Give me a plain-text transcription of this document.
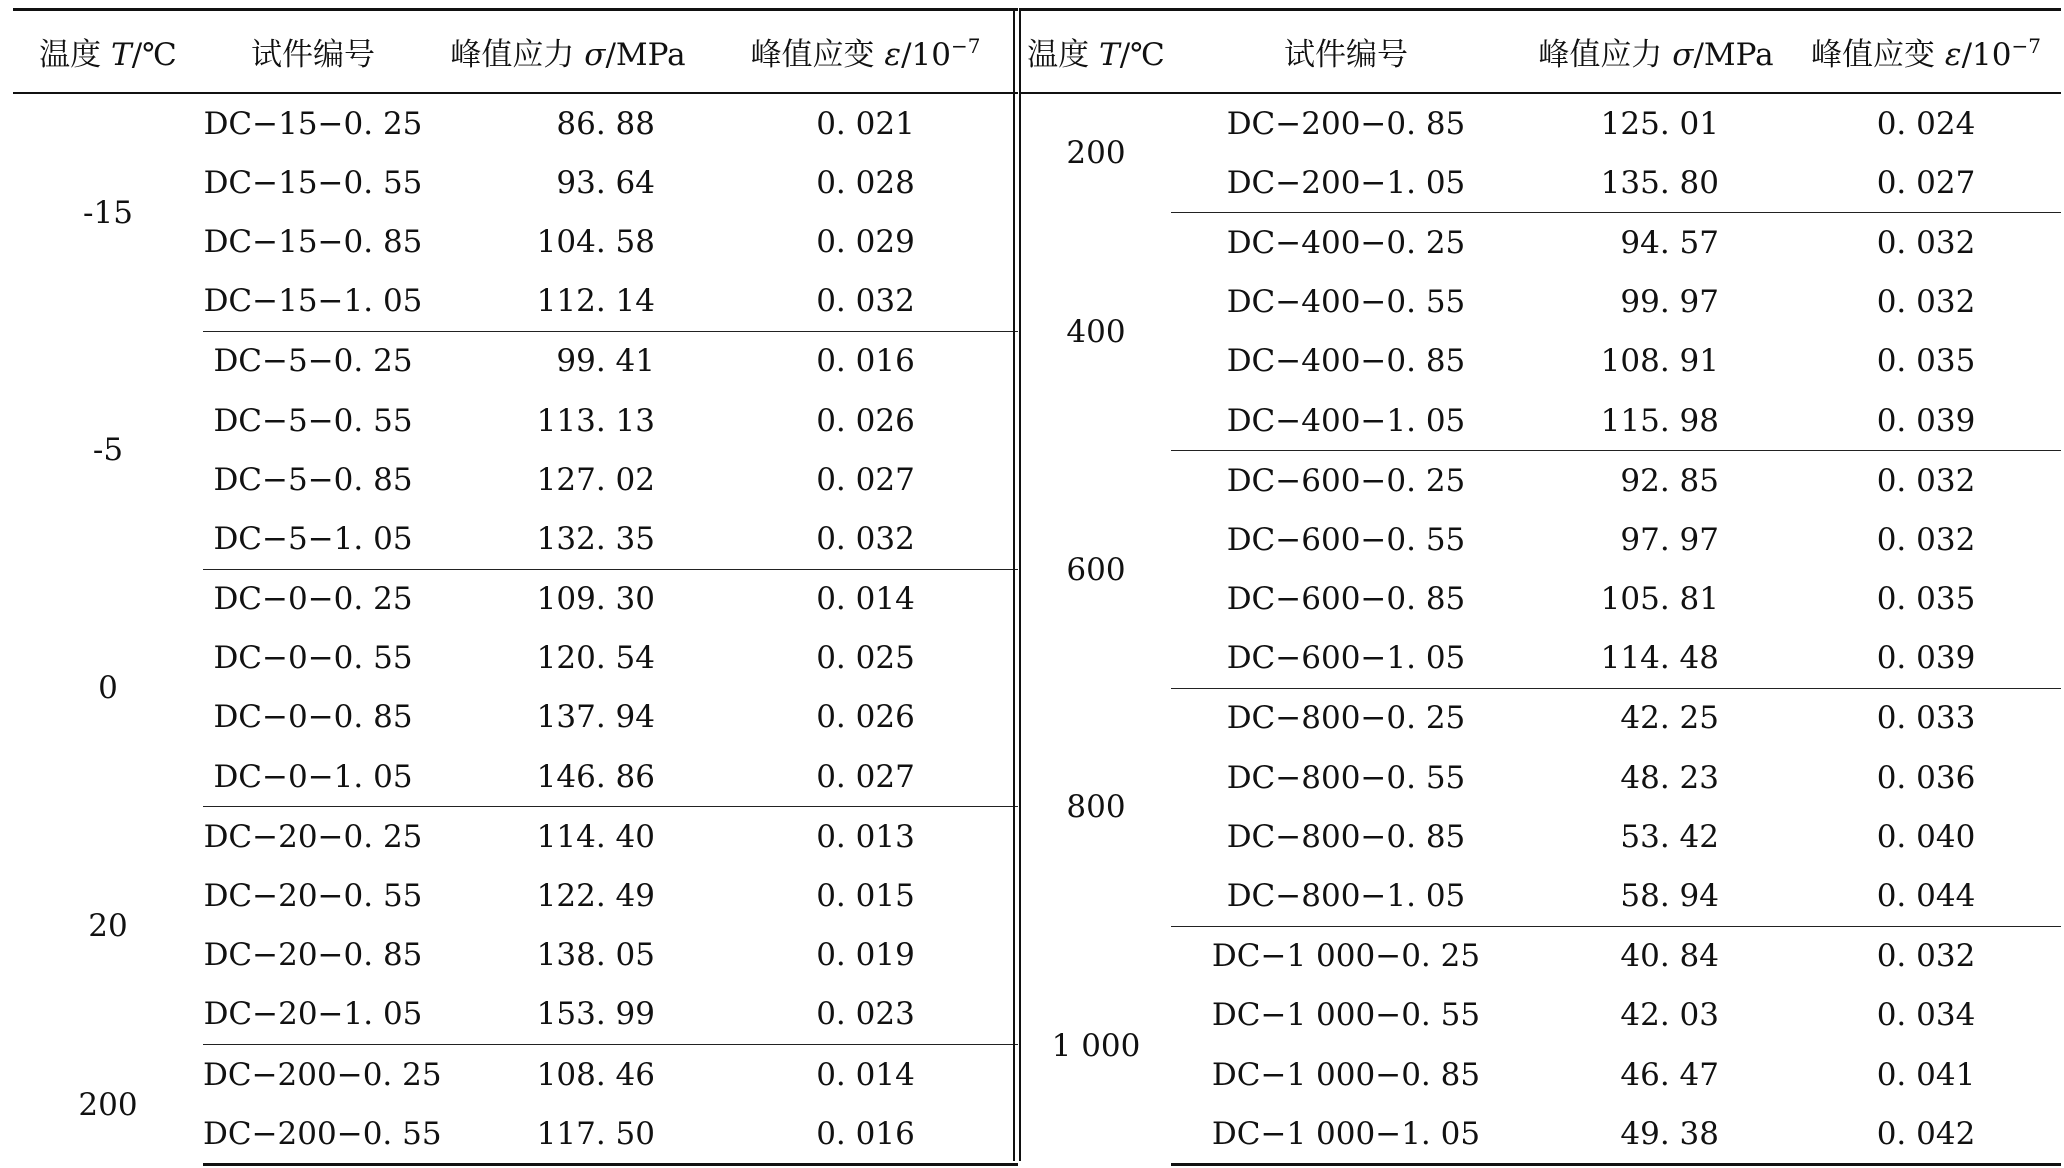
温度 T/℃	试件编号	峰值应力 σ/MPa	峰值应变 $\varepsilon/10^{-7}$
-15	DC−15−0. 25	86. 88	0. 021
	DC−15−0. 55	93. 64	0. 028
	DC−15−0. 85	104. 58	0. 029
	DC−15−1. 05	112. 14	0. 032
-5	DC−5−0. 25	99. 41	0. 016
	DC−5−0. 55	113. 13	0. 026
	DC−5−0. 85	127. 02	0. 027
	DC−5−1. 05	132. 35	0. 032
0	DC−0−0. 25	109. 30	0. 014
	DC−0−0. 55	120. 54	0. 025
	DC−0−0. 85	137. 94	0. 026
	DC−0−1. 05	146. 86	0. 027
20	DC−20−0. 25	114. 40	0. 013
	DC−20−0. 55	122. 49	0. 015
	DC−20−0. 85	138. 05	0. 019
	DC−20−1. 05	153. 99	0. 023
200	DC−200−0. 25	108. 46	0. 014
	DC−200−0. 55	117. 50	0. 016
温度 T/℃	试件编号	峰值应力 σ/MPa	峰值应变 $\varepsilon/10^{-7}$
200	DC−200−0. 85	125. 01	0. 024
	DC−200−1. 05	135. 80	0. 027
400	DC−400−0. 25	94. 57	0. 032
	DC−400−0. 55	99. 97	0. 032
	DC−400−0. 85	108. 91	0. 035
	DC−400−1. 05	115. 98	0. 039
600	DC−600−0. 25	92. 85	0. 032
	DC−600−0. 55	97. 97	0. 032
	DC−600−0. 85	105. 81	0. 035
	DC−600−1. 05	114. 48	0. 039
800	DC−800−0. 25	42. 25	0. 033
	DC−800−0. 55	48. 23	0. 036
	DC−800−0. 85	53. 42	0. 040
	DC−800−1. 05	58. 94	0. 044
1 000	DC−1 000−0. 25	40. 84	0. 032
	DC−1 000−0. 55	42. 03	0. 034
	DC−1 000−0. 85	46. 47	0. 041
	DC−1 000−1. 05	49. 38	0. 042
